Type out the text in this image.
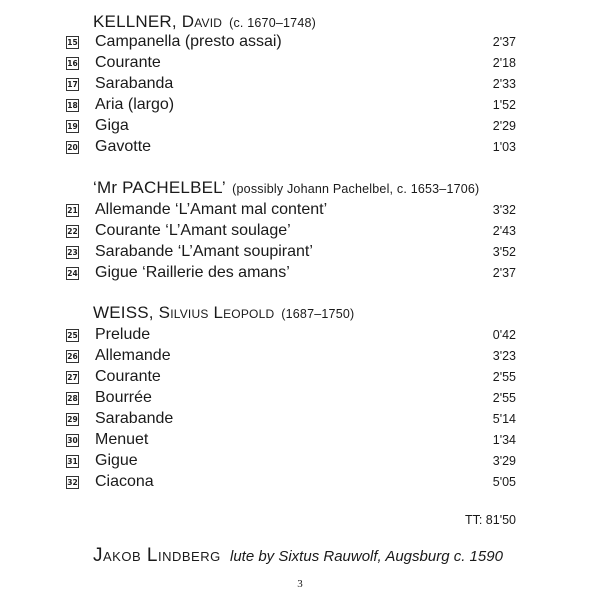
KELLNER, David (c. 1670–1748)
15 Campanella (presto assai)	2'37
16 Courante	2'18
17 Sarabanda	2'33
18 Aria (largo)	1'52
19 Giga	2'29
20 Gavotte	1'03
‘Mr PACHELBEL’ (possibly Johann Pachelbel, c. 1653–1706)
21 Allemande ‘L’Amant mal content’	3'32
22 Courante ‘L’Amant soulage’	2'43
23 Sarabande ‘L’Amant soupirant’	3'52
24 Gigue ‘Raillerie des amans’	2'37
WEISS, Silvius Leopold (1687–1750)
25 Prelude	0'42
26 Allemande	3'23
27 Courante	2'55
28 Bourrée	2'55
29 Sarabande	5'14
30 Menuet	1'34
31 Gigue	3'29
32 Ciacona	5'05
TT: 81'50
Jakob Lindberg lute by Sixtus Rauwolf, Augsburg c. 1590
3
